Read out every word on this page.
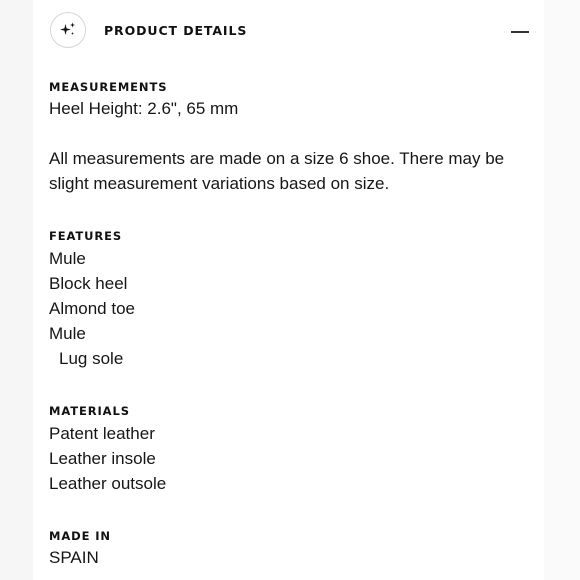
PRODUCT DETAILS
MEASUREMENTS
Heel Height: 2.6", 65 mm
All measurements are made on a size 6 shoe. There may be
slight measurement variations based on size.
FEATURES
Mule
Block heel
Almond toe
Mule
Lug sole
MATERIALS
Patent leather
Leather insole
Leather outsole
MADE IN
SPAIN
